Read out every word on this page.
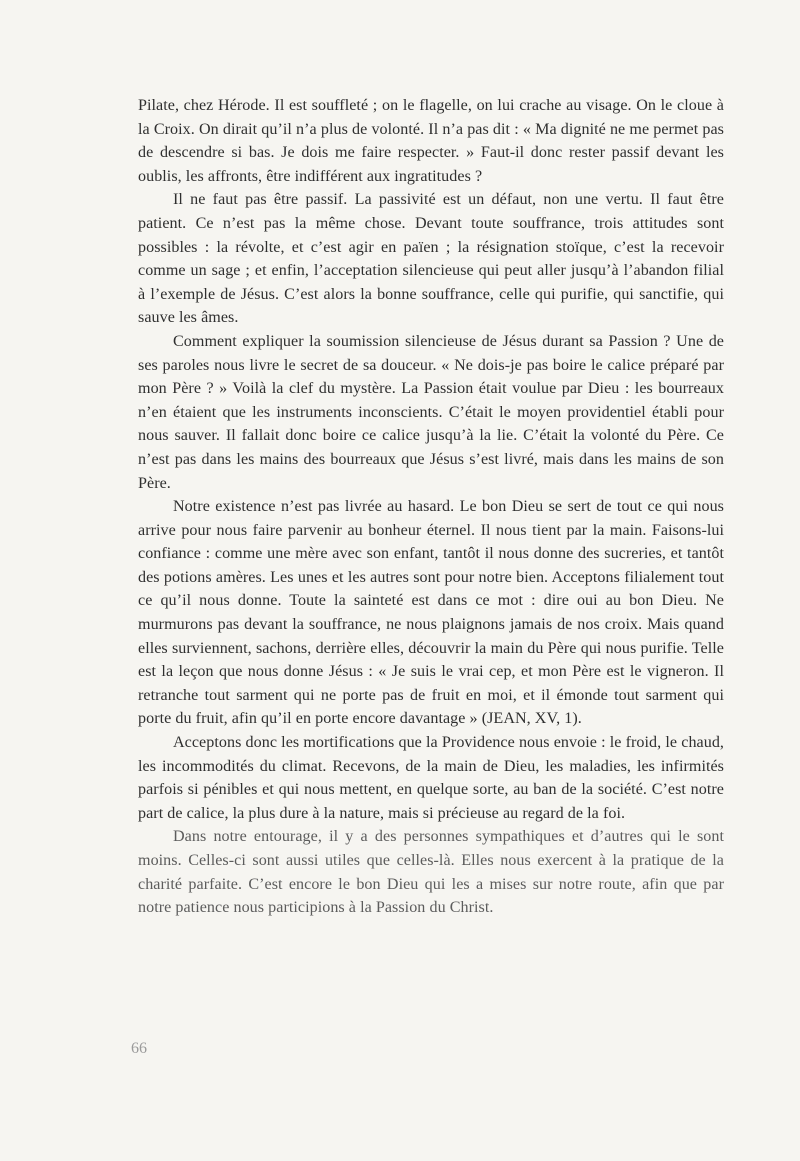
Pilate, chez Hérode. Il est souffleté ; on le flagelle, on lui crache au visage. On le cloue à la Croix. On dirait qu’il n’a plus de volonté. Il n’a pas dit : « Ma dignité ne me permet pas de descendre si bas. Je dois me faire respecter. » Faut-il donc rester passif devant les oublis, les affronts, être indifférent aux ingratitudes ?

Il ne faut pas être passif. La passivité est un défaut, non une vertu. Il faut être patient. Ce n’est pas la même chose. Devant toute souffrance, trois attitudes sont possibles : la révolte, et c’est agir en païen ; la résignation stoïque, c’est la recevoir comme un sage ; et enfin, l’acceptation silencieuse qui peut aller jusqu’à l’abandon filial à l’exemple de Jésus. C’est alors la bonne souffrance, celle qui purifie, qui sanctifie, qui sauve les âmes.

Comment expliquer la soumission silencieuse de Jésus durant sa Passion ? Une de ses paroles nous livre le secret de sa douceur. « Ne dois-je pas boire le calice préparé par mon Père ? » Voilà la clef du mystère. La Passion était voulue par Dieu : les bourreaux n’en étaient que les instruments inconscients. C’était le moyen providentiel établi pour nous sauver. Il fallait donc boire ce calice jusqu’à la lie. C’était la volonté du Père. Ce n’est pas dans les mains des bourreaux que Jésus s’est livré, mais dans les mains de son Père.

Notre existence n’est pas livrée au hasard. Le bon Dieu se sert de tout ce qui nous arrive pour nous faire parvenir au bonheur éternel. Il nous tient par la main. Faisons-lui confiance : comme une mère avec son enfant, tantôt il nous donne des sucreries, et tantôt des potions amères. Les unes et les autres sont pour notre bien. Acceptons filialement tout ce qu’il nous donne. Toute la sainteté est dans ce mot : dire oui au bon Dieu. Ne murmurons pas devant la souffrance, ne nous plaignons jamais de nos croix. Mais quand elles surviennent, sachons, derrière elles, découvrir la main du Père qui nous purifie. Telle est la leçon que nous donne Jésus : « Je suis le vrai cep, et mon Père est le vigneron. Il retranche tout sarment qui ne porte pas de fruit en moi, et il émonde tout sarment qui porte du fruit, afin qu’il en porte encore davantage » (JEAN, XV, 1).

Acceptons donc les mortifications que la Providence nous envoie : le froid, le chaud, les incommodités du climat. Recevons, de la main de Dieu, les maladies, les infirmités parfois si pénibles et qui nous mettent, en quelque sorte, au ban de la société. C’est notre part de calice, la plus dure à la nature, mais si précieuse au regard de la foi.

Dans notre entourage, il y a des personnes sympathiques et d’autres qui le sont moins. Celles-ci sont aussi utiles que celles-là. Elles nous exercent à la pratique de la charité parfaite. C’est encore le bon Dieu qui les a mises sur notre route, afin que par notre patience nous participions à la Passion du Christ.

66
